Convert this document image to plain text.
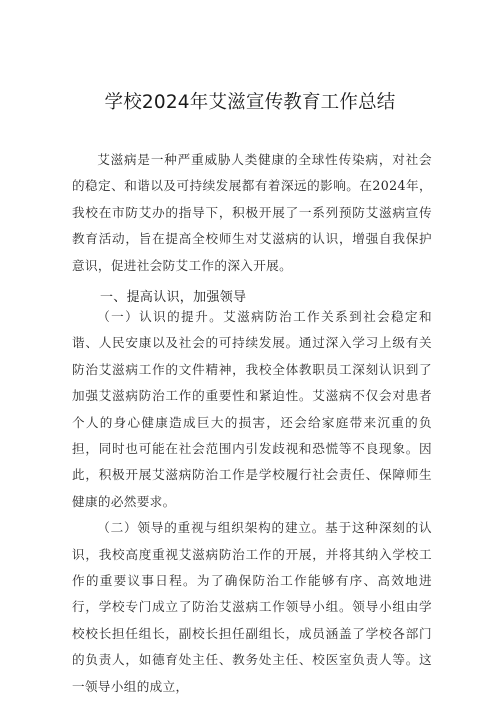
学校2024年艾滋宣传教育工作总结

艾滋病是一种严重威胁人类健康的全球性传染病，对社会的稳定、和谐以及可持续发展都有着深远的影响。在2024年，我校在市防艾办的指导下，积极开展了一系列预防艾滋病宣传教育活动，旨在提高全校师生对艾滋病的认识，增强自我保护意识，促进社会防艾工作的深入开展。

一、提高认识，加强领导

（一）认识的提升。艾滋病防治工作关系到社会稳定和谐、人民安康以及社会的可持续发展。通过深入学习上级有关防治艾滋病工作的文件精神，我校全体教职员工深刻认识到了加强艾滋病防治工作的重要性和紧迫性。艾滋病不仅会对患者个人的身心健康造成巨大的损害，还会给家庭带来沉重的负担，同时也可能在社会范围内引发歧视和恐慌等不良现象。因此，积极开展艾滋病防治工作是学校履行社会责任、保障师生健康的必然要求。

（二）领导的重视与组织架构的建立。基于这种深刻的认识，我校高度重视艾滋病防治工作的开展，并将其纳入学校工作的重要议事日程。为了确保防治工作能够有序、高效地进行，学校专门成立了防治艾滋病工作领导小组。领导小组由学校校长担任组长，副校长担任副组长，成员涵盖了学校各部门的负责人，如德育处主任、教务处主任、校医室负责人等。这一领导小组的成立，
